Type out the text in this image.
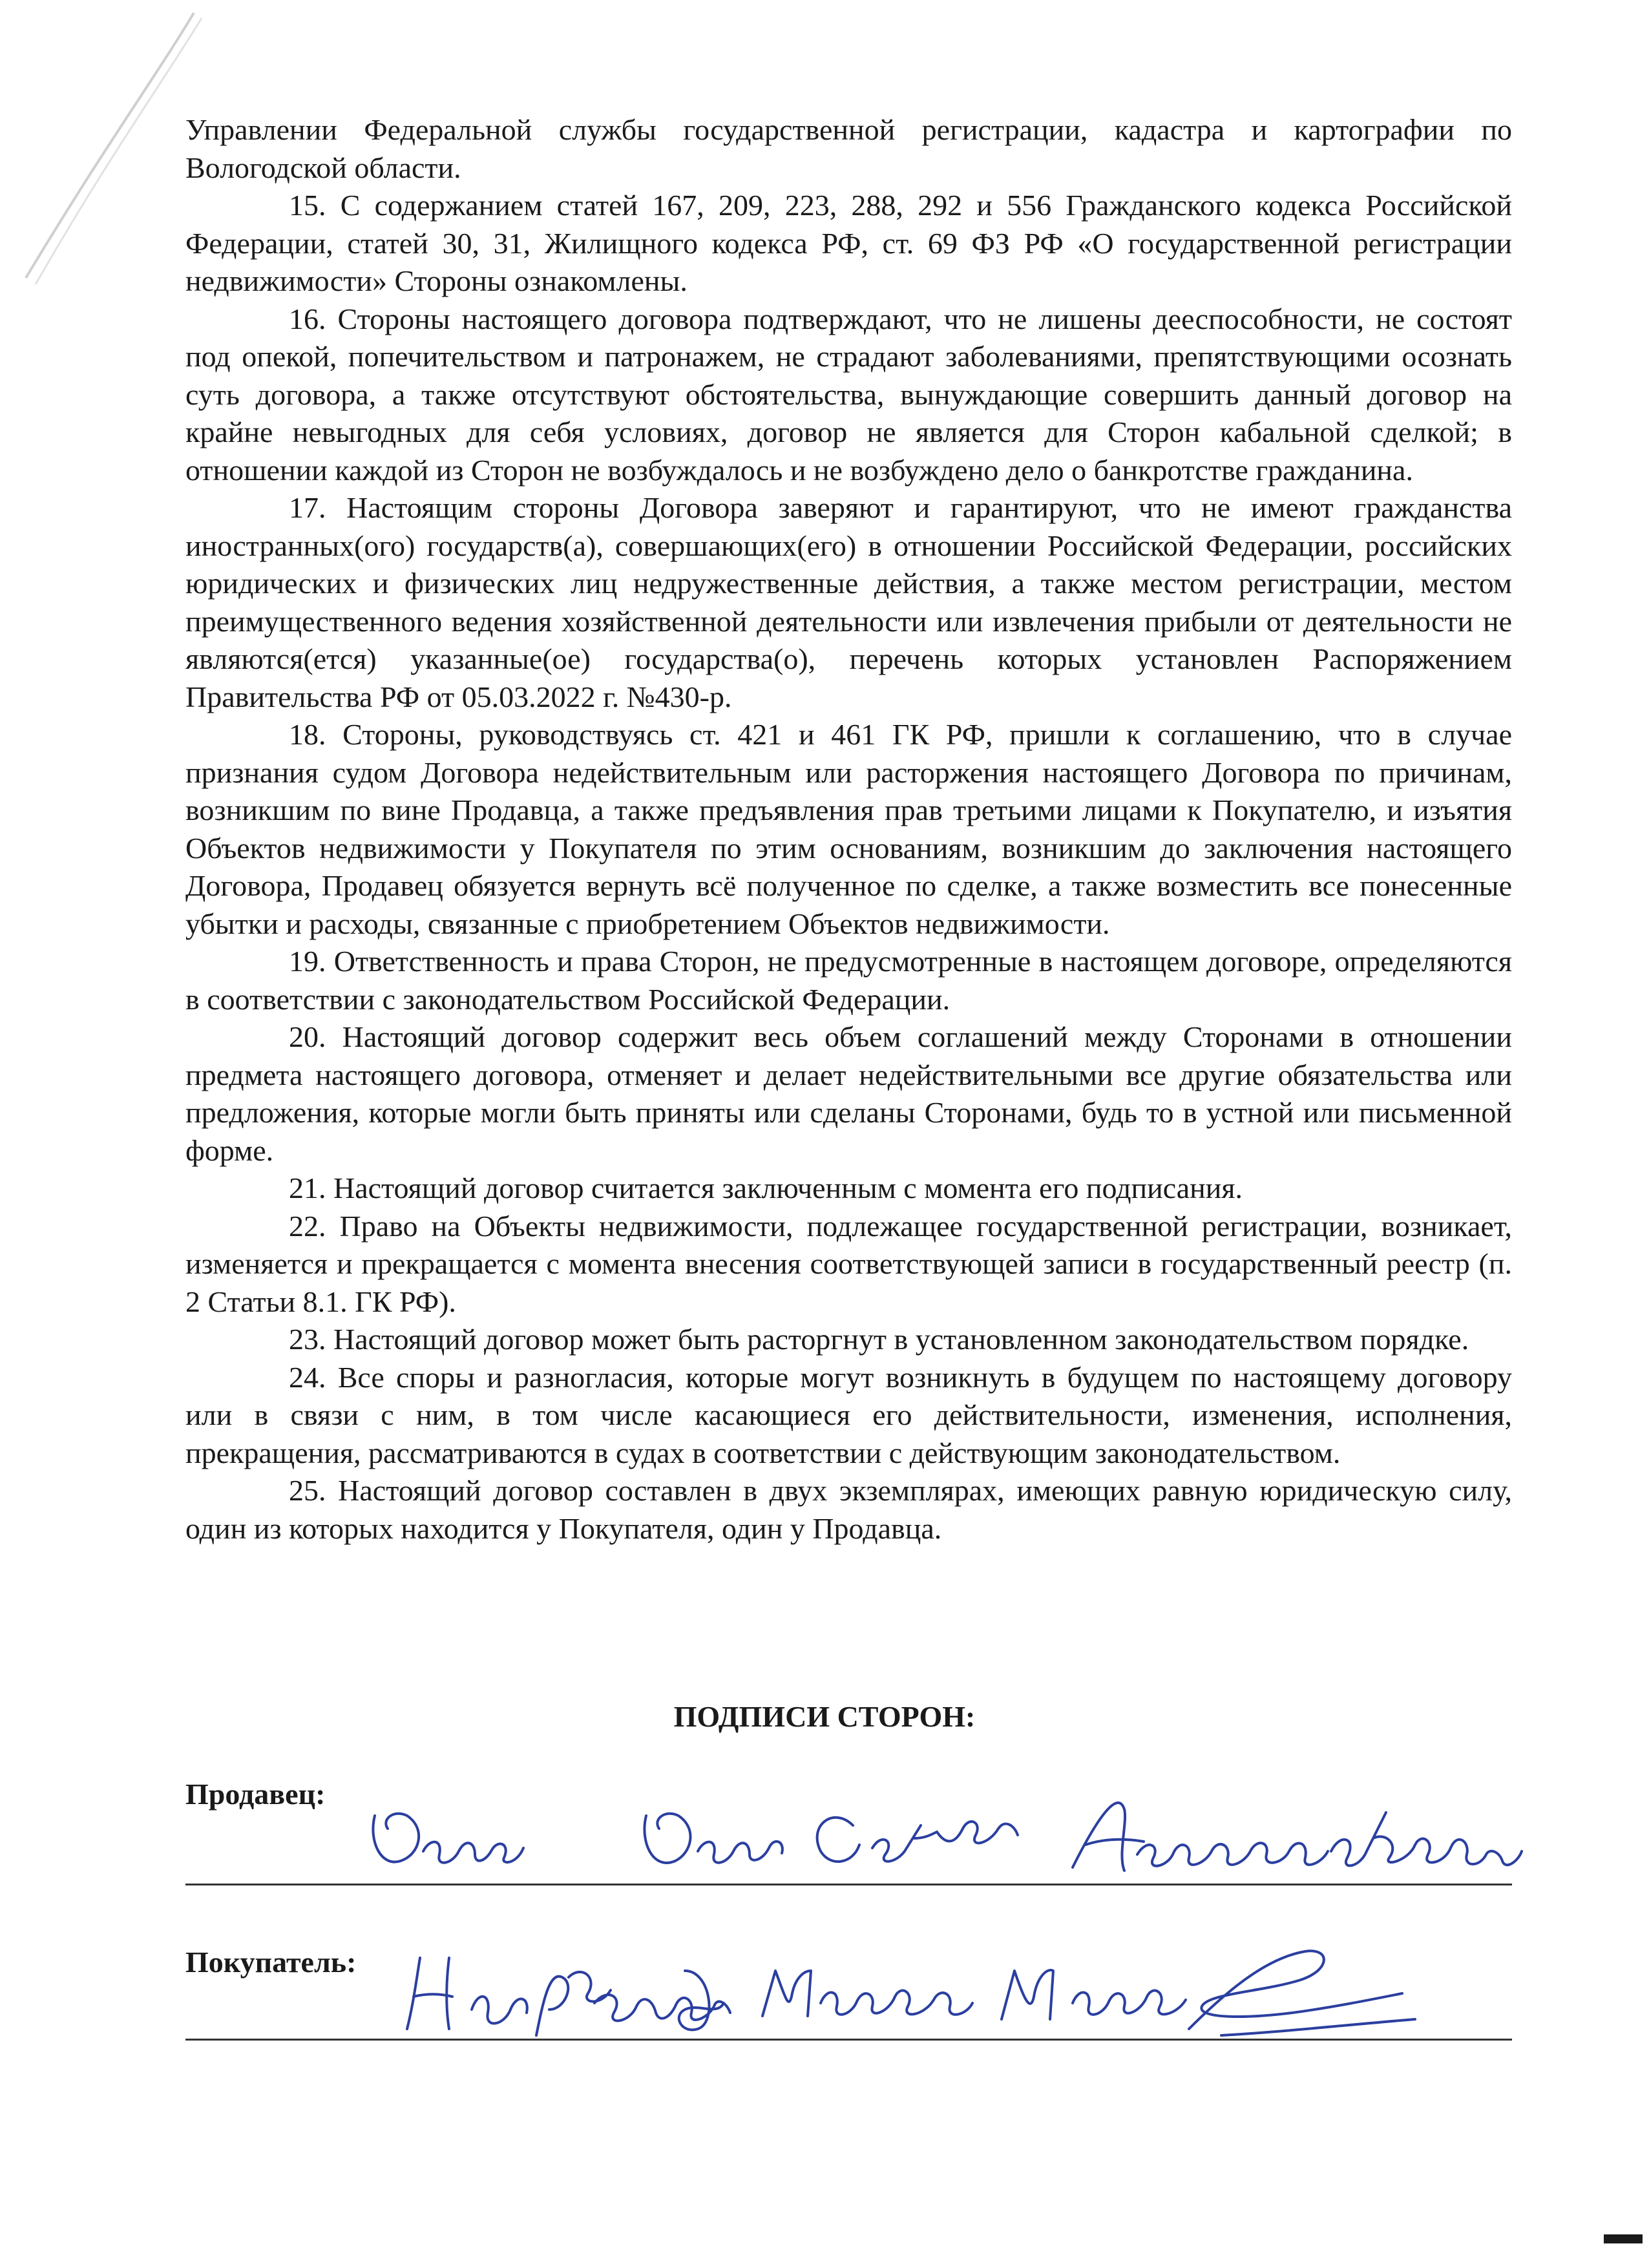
Управлении Федеральной службы государственной регистрации, кадастра и картографии по Вологодской области.

15. С содержанием статей 167, 209, 223, 288, 292 и 556 Гражданского кодекса Российской Федерации, статей 30, 31, Жилищного кодекса РФ, ст. 69 ФЗ РФ «О государственной регистрации недвижимости» Стороны ознакомлены.

16. Стороны настоящего договора подтверждают, что не лишены дееспособности, не состоят под опекой, попечительством и патронажем, не страдают заболеваниями, препятствующими осознать суть договора, а также отсутствуют обстоятельства, вынуждающие совершить данный договор на крайне невыгодных для себя условиях, договор не является для Сторон кабальной сделкой; в отношении каждой из Сторон не возбуждалось и не возбуждено дело о банкротстве гражданина.

17. Настоящим стороны Договора заверяют и гарантируют, что не имеют гражданства иностранных(ого) государств(а), совершающих(его) в отношении Российской Федерации, российских юридических и физических лиц недружественные действия, а также местом регистрации, местом преимущественного ведения хозяйственной деятельности или извлечения прибыли от деятельности не являются(ется) указанные(ое) государства(о), перечень которых установлен Распоряжением Правительства РФ от 05.03.2022 г. №430-р.

18. Стороны, руководствуясь ст. 421 и 461 ГК РФ, пришли к соглашению, что в случае признания судом Договора недействительным или расторжения настоящего Договора по причинам, возникшим по вине Продавца, а также предъявления прав третьими лицами к Покупателю, и изъятия Объектов недвижимости у Покупателя по этим основаниям, возникшим до заключения настоящего Договора, Продавец обязуется вернуть всё полученное по сделке, а также возместить все понесенные убытки и расходы, связанные с приобретением Объектов недвижимости.

19. Ответственность и права Сторон, не предусмотренные в настоящем договоре, определяются в соответствии с законодательством Российской Федерации.

20. Настоящий договор содержит весь объем соглашений между Сторонами в отношении предмета настоящего договора, отменяет и делает недействительными все другие обязательства или предложения, которые могли быть приняты или сделаны Сторонами, будь то в устной или письменной форме.

21. Настоящий договор считается заключенным с момента его подписания.

22. Право на Объекты недвижимости, подлежащее государственной регистрации, возникает, изменяется и прекращается с момента внесения соответствующей записи в государственный реестр (п. 2 Статьи 8.1. ГК РФ).

23. Настоящий договор может быть расторгнут в установленном законодательством порядке.

24. Все споры и разногласия, которые могут возникнуть в будущем по настоящему договору или в связи с ним, в том числе касающиеся его действительности, изменения, исполнения, прекращения, рассматриваются в судах в соответствии с действующим законодательством.

25. Настоящий договор составлен в двух экземплярах, имеющих равную юридическую силу, один из которых находится у Покупателя, один у Продавца.

ПОДПИСИ СТОРОН:
Продавец:
Покупатель:
